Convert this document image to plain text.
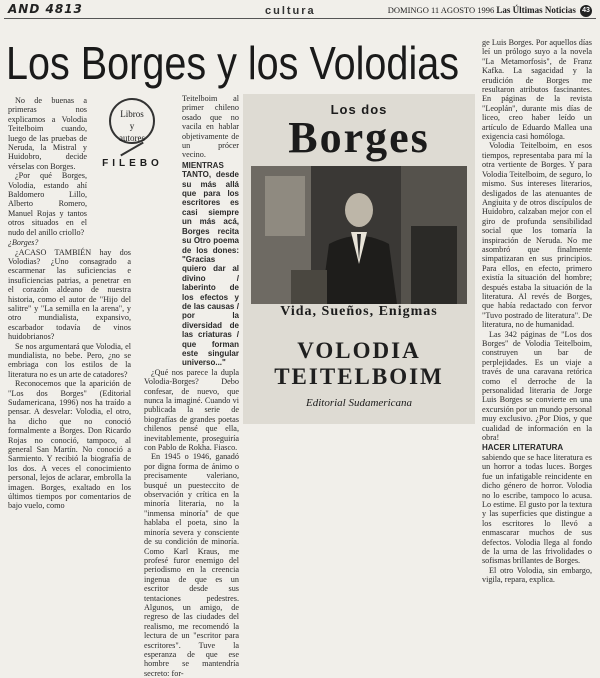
AND 4813	cultura	DOMINGO 11 AGOSTO 1996 Las Últimas Noticias 43
Los Borges y los Volodias
Libros
y
autores
FILEBO

No de buenas a primeras nos explicamos a Volodia Teitelboim cuando, luego de las pruebas de Neruda, la Mistral y Huidobro, decide vérselas con Borges.

¿Por qué Borges, Volodia, estando ahí Baldomero Lillo, Alberto Romero, Manuel Rojas y tantos otros situados en el nudo del anillo criollo?

¿Borges?

¿ACASO TAMBIÉN hay dos Volodias? ¿Uno consagrado a escarmenar las suficiencias e insuficiencias patrias, a penetrar en el corazón aldeano de nuestra historia, como el autor de "Hijo del salitre" y "La semilla en la arena", y otro mundialista, expansivo, escarbador todavía de vinos huidobrianos?

Se nos argumentará que Volodia, el mundialista, no bebe. Pero, ¿no se embriaga con los estilos de la literatura no es un arte de catadores?

Reconocemos que la aparición de "Los dos Borges" (Editorial Sudamericana, 1996) nos ha traído a pensar. A desvelar: Volodia, el otro, ha dicho que no conoció formalmente a Borges. Don Ricardo Rojas no conoció, tampoco, al general San Martín. No conoció a Sarmiento. Y recibió la biografía de los dos. A veces el conocimiento personal, lejos de aclarar, embrolla la imagen. Borges, exaltado en los últimos tiempos por comentarios de bajo vuelo, como

Teitelboim al primer chileno osado que no vacila en hablar objetivamente de un prócer vecino.

MIENTRAS TANTO, desde su más allá que para los escritores es casi siempre un más acá, Borges recita su Otro poema de los dones: "Gracias quiero dar al divino / laberinto de los efectos y de las causas / por la diversidad de las criaturas / que forman este singular universo..."

¿Qué nos parece la dupla Volodia-Borges? Debo confesar, de nuevo, que nunca la imaginé. Cuando vi publicada la serie de biografías de grandes poetas chilenos pensé que ella, inevitablemente, proseguiría con Pablo de Rokha. Fiasco.

En 1945 o 1946, ganadó por digna forma de ánimo o precisamente valeriano, busqué un puesteccito de observación y crítica en la minoría literaria, no la "inmensa minoría" de que hablaba el poeta, sino la minoría severa y consciente de su condición de minoría. Como Karl Kraus, me profesé furor enemigo del periodismo en la creencia ingenua de que es un escritor desde sus tentaciones pedestres. Algunos, un amigo, de regreso de las ciudades del realismo, me recomendó la lectura de un "escritor para escritores". Tuve la esperanza de que ese hombre se mantendría secreto: for-

Los dos
Borges
Vida, Sueños, Enigmas
VOLODIA
TEITELBOIM
Editorial Sudamericana

ge Luis Borges. Por aquellos días leí un prólogo suyo a la novela "La Metamorfosis", de Franz Kafka. La sagacidad y la erudición de Borges me resultaron atributos fascinantes. En páginas de la revista "Leoplán", durante mis días de liceo, creo haber leído un artículo de Eduardo Mallea una exigencia casi homóloga.

Volodia Teitelboim, en esos tiempos, representaba para mí la otra vertiente de Borges. Y para Volodia Teitelboim, de seguro, lo mismo. Sus intereses literarios, desligados de las atenuantes de Angiuita y de otros discípulos de Huidobro, calzaban mejor con el giro de profunda sensibilidad social que los tomaría la inspiración de Neruda. No me asombró que finalmente simpatizaran en sus principios. Para ellos, en efecto, primero existía la situación del hombre; después estaba la situación de la literatura. Al revés de Borges, que había redactado con fervor "Tuvo postrado de literatura". De literatura, no de humanidad.

Las 342 páginas de "Los dos Borges" de Volodia Teitelboim, construyen un bar de perplejidades. Es un viaje a través de una caravana retórica como el derroche de la personalidad literaria de Jorge Luis Borges se convierte en una excursión por un mundo personal muy exclusivo. ¿Por Dios, y que cualidad de información en la obra!

HACER LITERATURA

sabiendo que se hace literatura es un horror a todas luces. Borges fue un infatigable reincidente en dicho género de horror. Volodia no lo escribe, tampoco lo acusa. Lo estime. El gusto por la textura y las superficies que distingue a los escritores lo llevó a enmascarar muchos de sus defectos. Volodia llega al fondo de la urna de las frivolidades o sofismas brillantes de Borges.

El otro Volodia, sin embargo, vigila, repara, explica.
